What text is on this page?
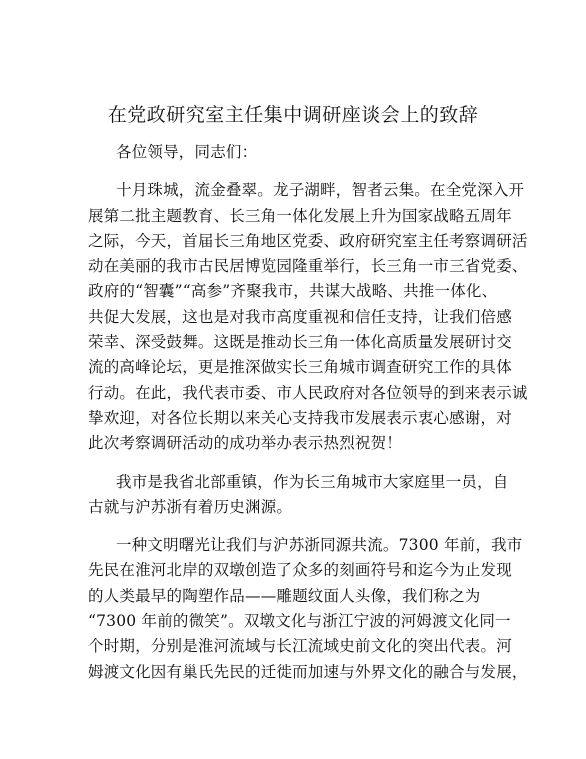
在党政研究室主任集中调研座谈会上的致辞

各位领导，同志们：

十月珠城，流金叠翠。龙子湖畔，智者云集。在全党深入开
展第二批主题教育、长三角一体化发展上升为国家战略五周年
之际，今天，首届长三角地区党委、政府研究室主任考察调研活
动在美丽的我市古民居博览园隆重举行，长三角一市三省党委、
政府的“智囊”“高参”齐聚我市，共谋大战略、共推一体化、
共促大发展，这也是对我市高度重视和信任支持，让我们倍感
荣幸、深受鼓舞。这既是推动长三角一体化高质量发展研讨交
流的高峰论坛，更是推深做实长三角城市调查研究工作的具体
行动。在此，我代表市委、市人民政府对各位领导的到来表示诚
挚欢迎，对各位长期以来关心支持我市发展表示衷心感谢，对
此次考察调研活动的成功举办表示热烈祝贺！

我市是我省北部重镇，作为长三角城市大家庭里一员，自
古就与沪苏浙有着历史渊源。

一种文明曙光让我们与沪苏浙同源共流。7300 年前，我市
先民在淮河北岸的双墩创造了众多的刻画符号和迄今为止发现
的人类最早的陶塑作品——雕题纹面人头像，我们称之为
“7300 年前的微笑”。双墩文化与浙江宁波的河姆渡文化同一
个时期，分别是淮河流域与长江流域史前文化的突出代表。河
姆渡文化因有巢氏先民的迁徙而加速与外界文化的融合与发展，
